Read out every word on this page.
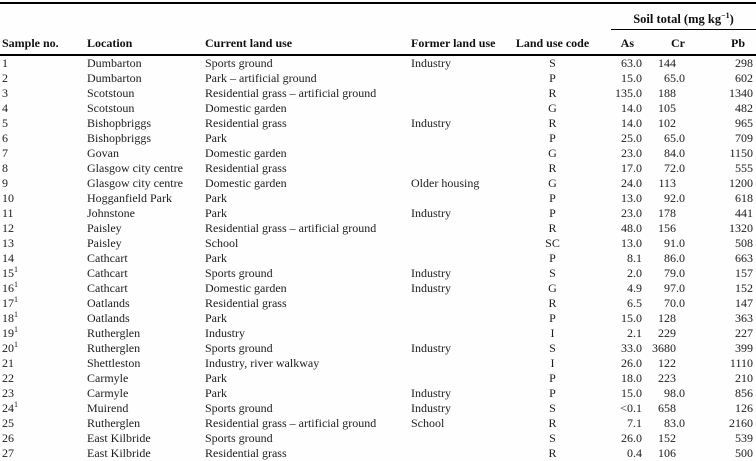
					Soil total (mg $kg^{-1}$)		

Sample no.	Location	Current land use	Former land use	Land use code	As	Cr	Pb
1	Dumbarton	Sports ground	Industry	S	63 .0	144	298

2	Dumbarton	Park – artificial ground		P	15 .0	65 .0	602

3	Scotstoun	Residential grass – artificial ground		R	135 .0	188	1340

4	Scotstoun	Domestic garden		G	14 .0	105	482

5	Bishopbriggs	Residential grass	Industry	R	14 .0	102	965

6	Bishopbriggs	Park		P	25 .0	65 .0	709

7	Govan	Domestic garden		G	23 .0	84 .0	1150

8	Glasgow city centre	Residential grass		R	17 .0	72 .0	555

9	Glasgow city centre	Domestic garden	Older housing	G	24 .0	113	1200

10	Hogganfield Park	Park		P	13 .0	92 .0	618

11	Johnstone	Park	Industry	P	23 .0	178	441

12	Paisley	Residential grass – artificial ground		R	48 .0	156	1320

13	Paisley	School		SC	13 .0	91 .0	508

14	Cathcart	Park		P	8 .1	86 .0	663

$15^1$	Cathcart	Sports ground	Industry	S	2 .0	79 .0	157

$16^1$	Cathcart	Domestic garden	Industry	G	4 .9	97 .0	152

$17^1$	Oatlands	Residential grass		R	6 .5	70 .0	147

$18^1$	Oatlands	Park		P	15 .0	128	363

$19^1$	Rutherglen	Industry		I	2 .1	229	227

$20^1$	Rutherglen	Sports ground	Industry	S	33 .0	3680	399

21	Shettleston	Industry, river walkway		I	26 .0	122	1110

22	Carmyle	Park		P	18 .0	223	210

23	Carmyle	Park	Industry	P	15 .0	98 .0	856

$24^1$	Muirend	Sports ground	Industry	S	<0 .1	658	126

25	Rutherglen	Residential grass – artificial ground	School	R	7 .1	83 .0	2160

26	East Kilbride	Sports ground		S	26 .0	152	539

27	East Kilbride	Residential grass		R	0 .4	106	500
